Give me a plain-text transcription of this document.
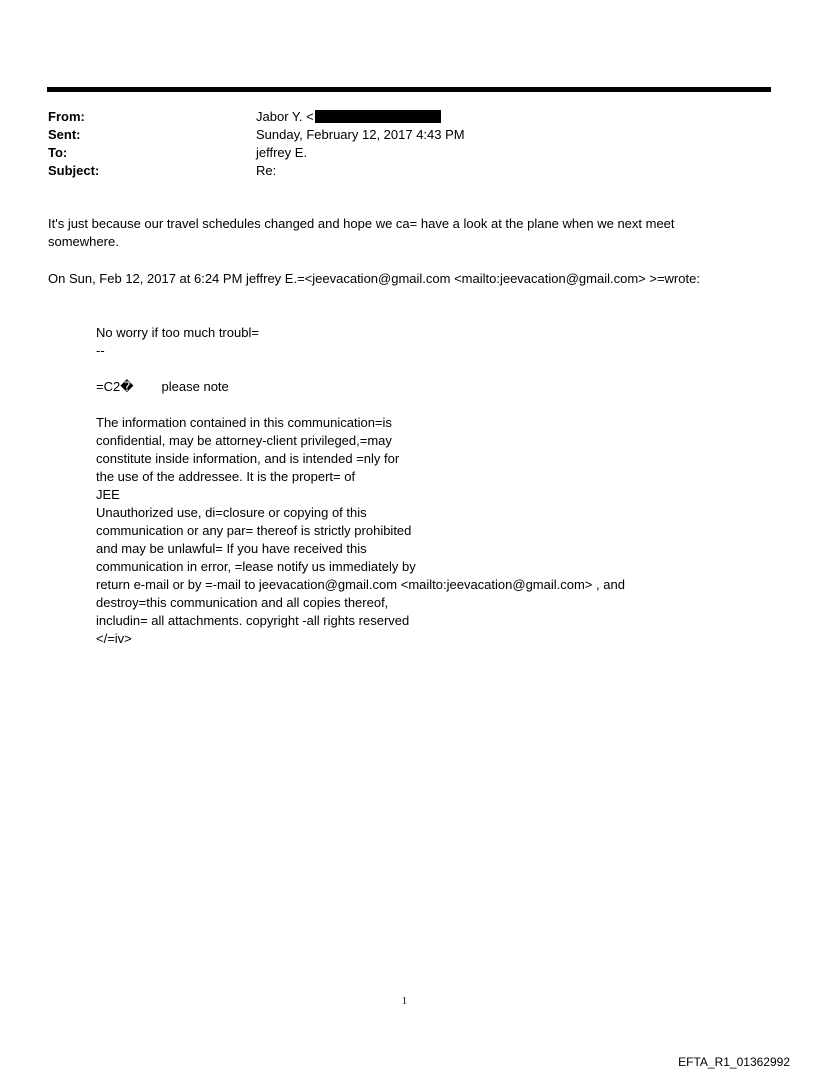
From:	Jabor Y. <
Sent:	Sunday, February 12, 2017 4:43 PM
To:	jeffrey E.
Subject:	Re:

It's just because our travel schedules changed and hope we ca= have a look at the plane when we next meet

somewhere.

On Sun, Feb 12, 2017 at 6:24 PM jeffrey E.=<jeevacation@gmail.com <mailto:jeevacation@gmail.com> >=wrote:
No worry if too much troubl=
--
=C2� please note
The information contained in this communication=is
confidential, may be attorney-client privileged,=may
constitute inside information, and is intended =nly for
the use of the addressee. It is the propert= of
JEE
Unauthorized use, di=closure or copying of this
communication or any par= thereof is strictly prohibited
and may be unlawful= If you have received this
communication in error, =lease notify us immediately by
return e-mail or by =-mail to jeevacation@gmail.com <mailto:jeevacation@gmail.com> , and
destroy=this communication and all copies thereof,
includin= all attachments. copyright -all rights reserved
</=iv>
1
EFTA_R1_01362992
